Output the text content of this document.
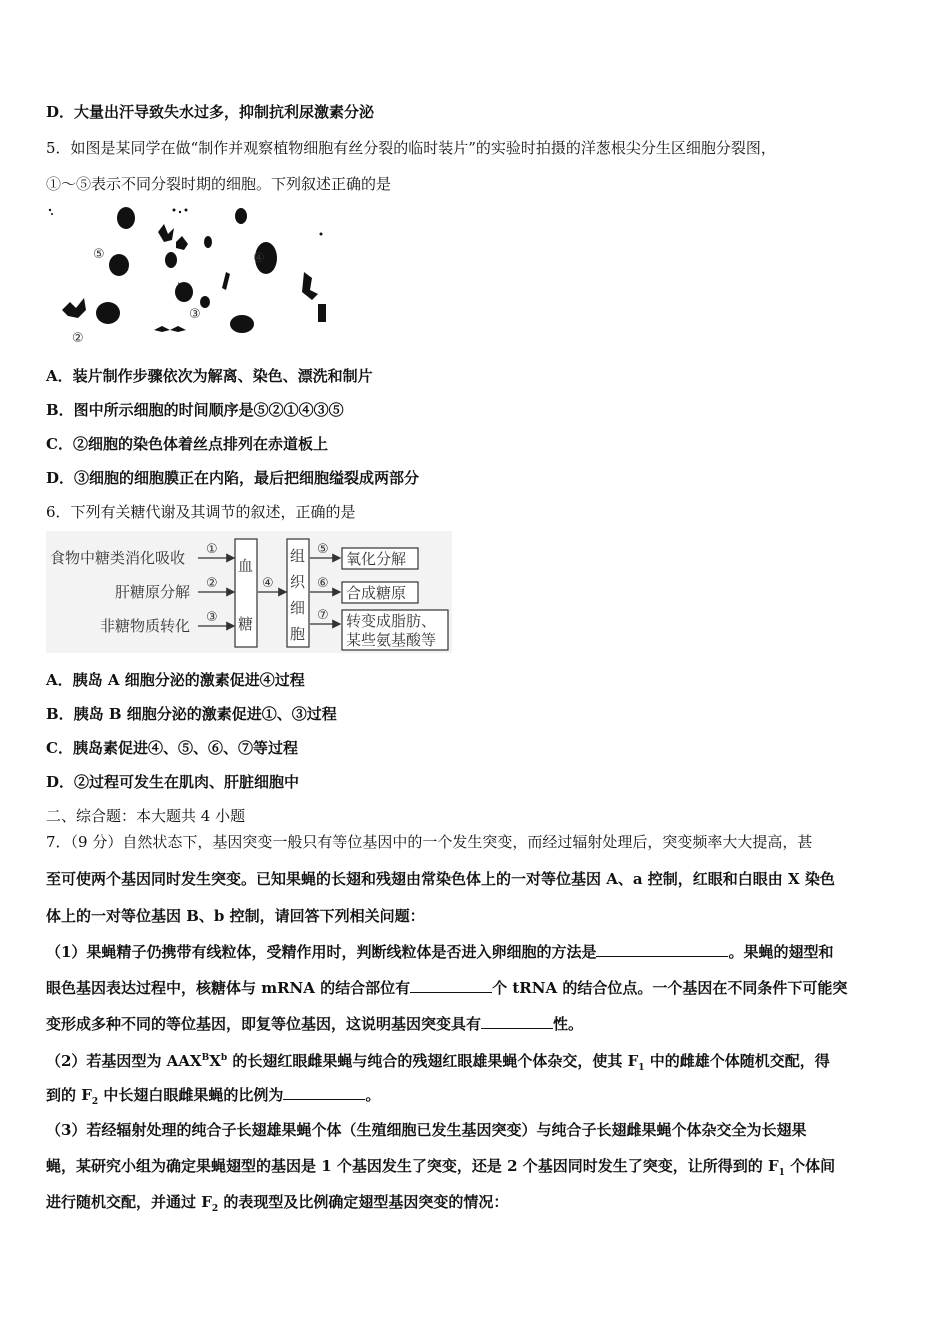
D．大量出汗导致失水过多，抑制抗利尿激素分泌
5．如图是某同学在做“制作并观察植物细胞有丝分裂的临时装片”的实验时拍摄的洋葱根尖分生区细胞分裂图，
①～⑤表示不同分裂时期的细胞。下列叙述正确的是
⑤	④
③
②
A．装片制作步骤依次为解离、染色、漂洗和制片
B．图中所示细胞的时间顺序是⑤②①④③⑤
C．②细胞的染色体着丝点排列在赤道板上
D．③细胞的细胞膜正在内陷，最后把细胞缢裂成两部分
6．下列有关糖代谢及其调节的叙述，正确的是
食物中糖类消化吸收
肝糖原分解
非糖物质转化
①
②
③
血
糖
④
组
织
细
胞
⑤
⑥
⑦
氧化分解
合成糖原
转变成脂肪、
某些氨基酸等
A．胰岛 A 细胞分泌的激素促进④过程
B．胰岛 B 细胞分泌的激素促进①、③过程
C．胰岛素促进④、⑤、⑥、⑦等过程
D．②过程可发生在肌肉、肝脏细胞中
二、综合题：本大题共 4 小题
7．（9 分）自然状态下，基因突变一般只有等位基因中的一个发生突变，而经过辐射处理后，突变频率大大提高，甚
至可使两个基因同时发生突变。已知果蝇的长翅和残翅由常染色体上的一对等位基因 A、a 控制，红眼和白眼由 X 染色
体上的一对等位基因 B、b 控制，请回答下列相关问题：
（1）果蝇精子仍携带有线粒体，受精作用时，判断线粒体是否进入卵细胞的方法是	。果蝇的翅型和
眼色基因表达过程中，核糖体与 mRNA 的结合部位有	个 tRNA 的结合位点。一个基因在不同条件下可能突
变形成多种不同的等位基因，即复等位基因，这说明基因突变具有	性。
（2）若基因型为 $AAX^BX^b$ 的长翅红眼雌果蝇与纯合的残翅红眼雄果蝇个体杂交，使其 $F_1$ 中的雌雄个体随机交配，得
到的 $F_2$ 中长翅白眼雌果蝇的比例为	。
（3）若经辐射处理的纯合子长翅雄果蝇个体（生殖细胞已发生基因突变）与纯合子长翅雌果蝇个体杂交全为长翅果
蝇，某研究小组为确定果蝇翅型的基因是 1 个基因发生了突变，还是 2 个基因同时发生了突变，让所得到的 $F_1$ 个体间
进行随机交配，并通过 $F_2$ 的表现型及比例确定翅型基因突变的情况：
